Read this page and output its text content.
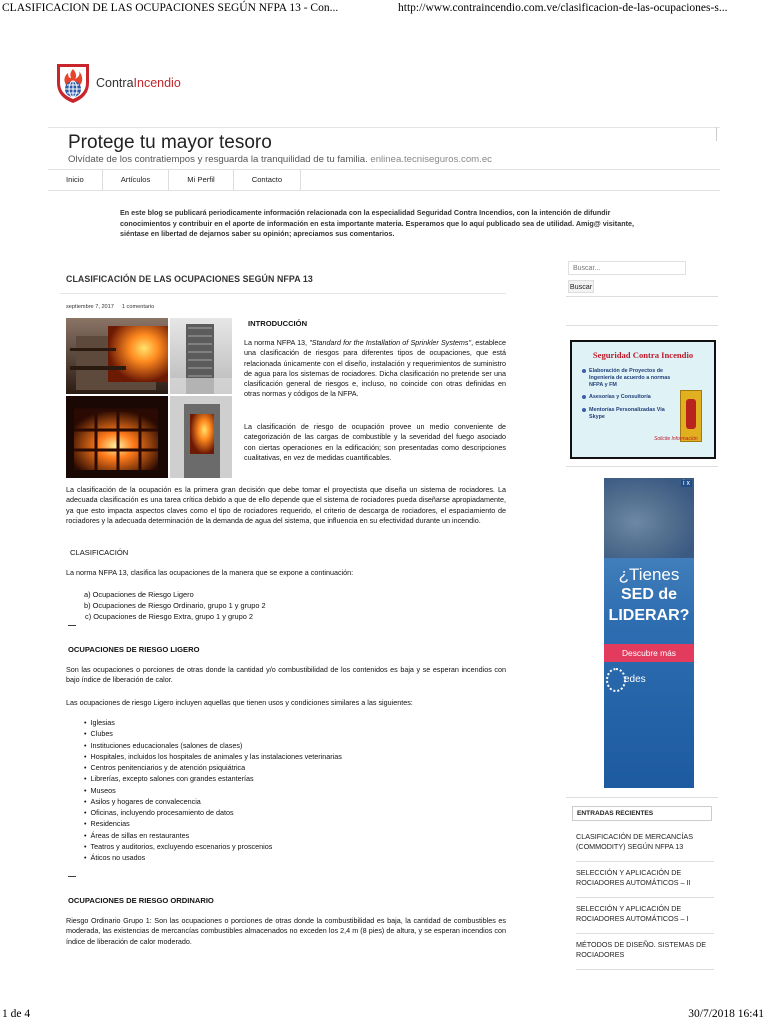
CLASIFICACION DE LAS OCUPACIONES SEGÚN NFPA 13 - Con...	http://www.contraincendio.com.ve/clasificacion-de-las-ocupaciones-s...
ContraIncendio
Protege tu mayor tesoro
Olvídate de los contratiempos y resguarda la tranquilidad de tu familia. enlinea.tecniseguros.com.ec
Inicio	Artículos	Mi Perfil	Contacto
En este blog se publicará periodicamente información relacionada con la especialidad Seguridad Contra Incendios, con la intención de difundir conocimientos y contribuir en el aporte de información en esta importante materia. Esperamos que lo aquí publicado sea de utilidad. Amig@ visitante, siéntase en libertad de dejarnos saber su opinión; apreciamos sus comentarios.
CLASIFICACIÓN DE LAS OCUPACIONES SEGÚN NFPA 13
septiembre 7, 2017 1 comentario
INTRODUCCIÓN
La norma NFPA 13, "Standard for the Installation of Sprinkler Systems", establece una clasificación de riesgos para diferentes tipos de ocupaciones, que está relacionada únicamente con el diseño, instalación y requerimientos de suministro de agua para los sistemas de rociadores. Dicha clasificación no pretende ser una clasificación general de riesgos e, incluso, no coincide con otras definidas en otras normas y códigos de la NFPA.
La clasificación de riesgo de ocupación provee un medio conveniente de categorización de las cargas de combustible y la severidad del fuego asociado con ciertas operaciones en la edificación; son presentadas como descripciones cualitativas, en vez de medidas cuantificables.
La clasificación de la ocupación es la primera gran decisión que debe tomar el proyectista que diseña un sistema de rociadores. La adecuada clasificación es una tarea crítica debido a que de ello depende que el sistema de rociadores pueda diseñarse apropiadamente, ya que esto impacta aspectos claves como el tipo de rociadores requerido, el criterio de descarga de rociadores, el espaciamiento de rociadores y la adecuada determinación de la demanda de agua del sistema, que influencia en su efectividad durante un incendio.
CLASIFICACIÓN
La norma NFPA 13, clasifica las ocupaciones de la manera que se expone a continuación:
a) Ocupaciones de Riesgo Ligero
b) Ocupaciones de Riesgo Ordinario, grupo 1 y grupo 2
c) Ocupaciones de Riesgo Extra, grupo 1 y grupo 2
—
OCUPACIONES DE RIESGO LIGERO
Son las ocupaciones o porciones de otras donde la cantidad y/o combustibilidad de los contenidos es baja y se esperan incendios con bajo índice de liberación de calor.
Las ocupaciones de riesgo Ligero incluyen aquellas que tienen usos y condiciones similares a las siguientes:
• Iglesias
• Clubes
• Instituciones educacionales (salones de clases)
• Hospitales, incluidos los hospitales de animales y las instalaciones veterinarias
• Centros penitenciarios y de atención psiquiátrica
• Librerías, excepto salones con grandes estanterías
• Museos
• Asilos y hogares de convalecencia
• Oficinas, incluyendo procesamiento de datos
• Residencias
• Áreas de sillas en restaurantes
• Teatros y auditorios, excluyendo escenarios y proscenios
• Áticos no usados
—
OCUPACIONES DE RIESGO ORDINARIO
Riesgo Ordinario Grupo 1: Son las ocupaciones o porciones de otras donde la combustibilidad es baja, la cantidad de combustibles es moderada, las existencias de mercancías combustibles almacenados no exceden los 2,4 m (8 pies) de altura, y se esperan incendios con índice de liberación de calor moderado.
Buscar...
Buscar
Seguridad Contra Incendio
Elaboración de Proyectos de Ingeniería de acuerdo a normas NFPA y FM
Asesorías y Consultoría
Mentorías Personalizadas Vía Skype
Solicite Información
i x
¿Tienes
SED de
LIDERAR?
Descubre más
edes
ENTRADAS RECIENTES
CLASIFICACIÓN DE MERCANCÍAS (COMMODITY) SEGÚN NFPA 13
SELECCIÓN Y APLICACIÓN DE ROCIADORES AUTOMÁTICOS – II
SELECCIÓN Y APLICACIÓN DE ROCIADORES AUTOMÁTICOS – I
MÉTODOS DE DISEÑO. SISTEMAS DE ROCIADORES
1 de 4	30/7/2018 16:41
